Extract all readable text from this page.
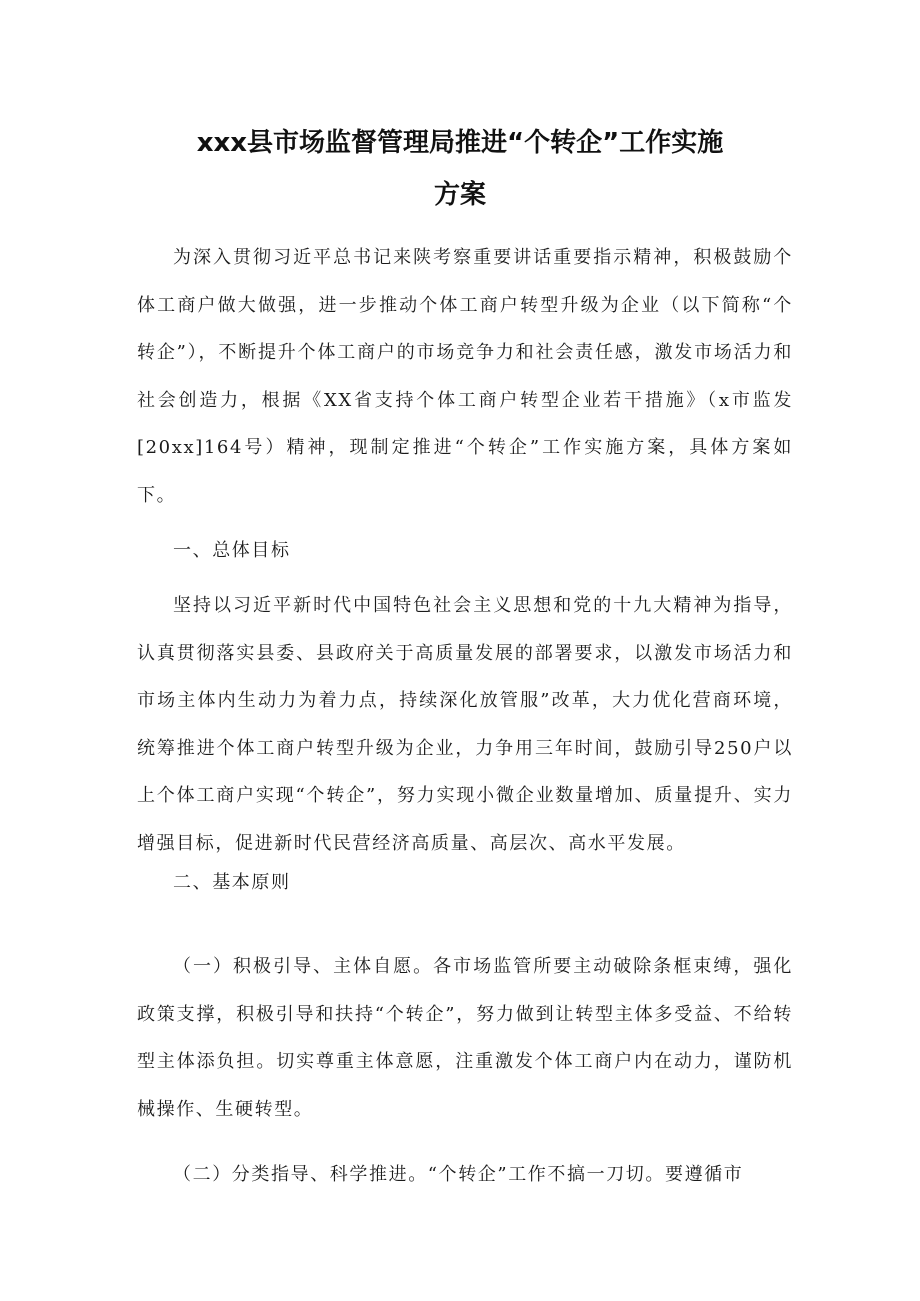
xxx县市场监督管理局推进“个转企”工作实施
方案
为深入贯彻习近平总书记来陕考察重要讲话重要指示精神，积极鼓励个体工商户做大做强，进一步推动个体工商户转型升级为企业（以下简称“个转企”），不断提升个体工商户的市场竞争力和社会责任感，激发市场活力和社会创造力，根据《XX省支持个体工商户转型企业若干措施》（x市监发[20xx]164号）精神，现制定推进“个转企”工作实施方案，具体方案如下。
一、总体目标
坚持以习近平新时代中国特色社会主义思想和党的十九大精神为指导，认真贯彻落实县委、县政府关于高质量发展的部署要求，以激发市场活力和市场主体内生动力为着力点，持续深化放管服”改革，大力优化营商环境，统筹推进个体工商户转型升级为企业，力争用三年时间，鼓励引导250户以上个体工商户实现“个转企”，努力实现小微企业数量增加、质量提升、实力增强目标，促进新时代民营经济高质量、高层次、高水平发展。
二、基本原则
（一）积极引导、主体自愿。各市场监管所要主动破除条框束缚，强化政策支撑，积极引导和扶持“个转企”，努力做到让转型主体多受益、不给转型主体添负担。切实尊重主体意愿，注重激发个体工商户内在动力，谨防机械操作、生硬转型。
（二）分类指导、科学推进。“个转企”工作不搞一刀切。要遵循市
